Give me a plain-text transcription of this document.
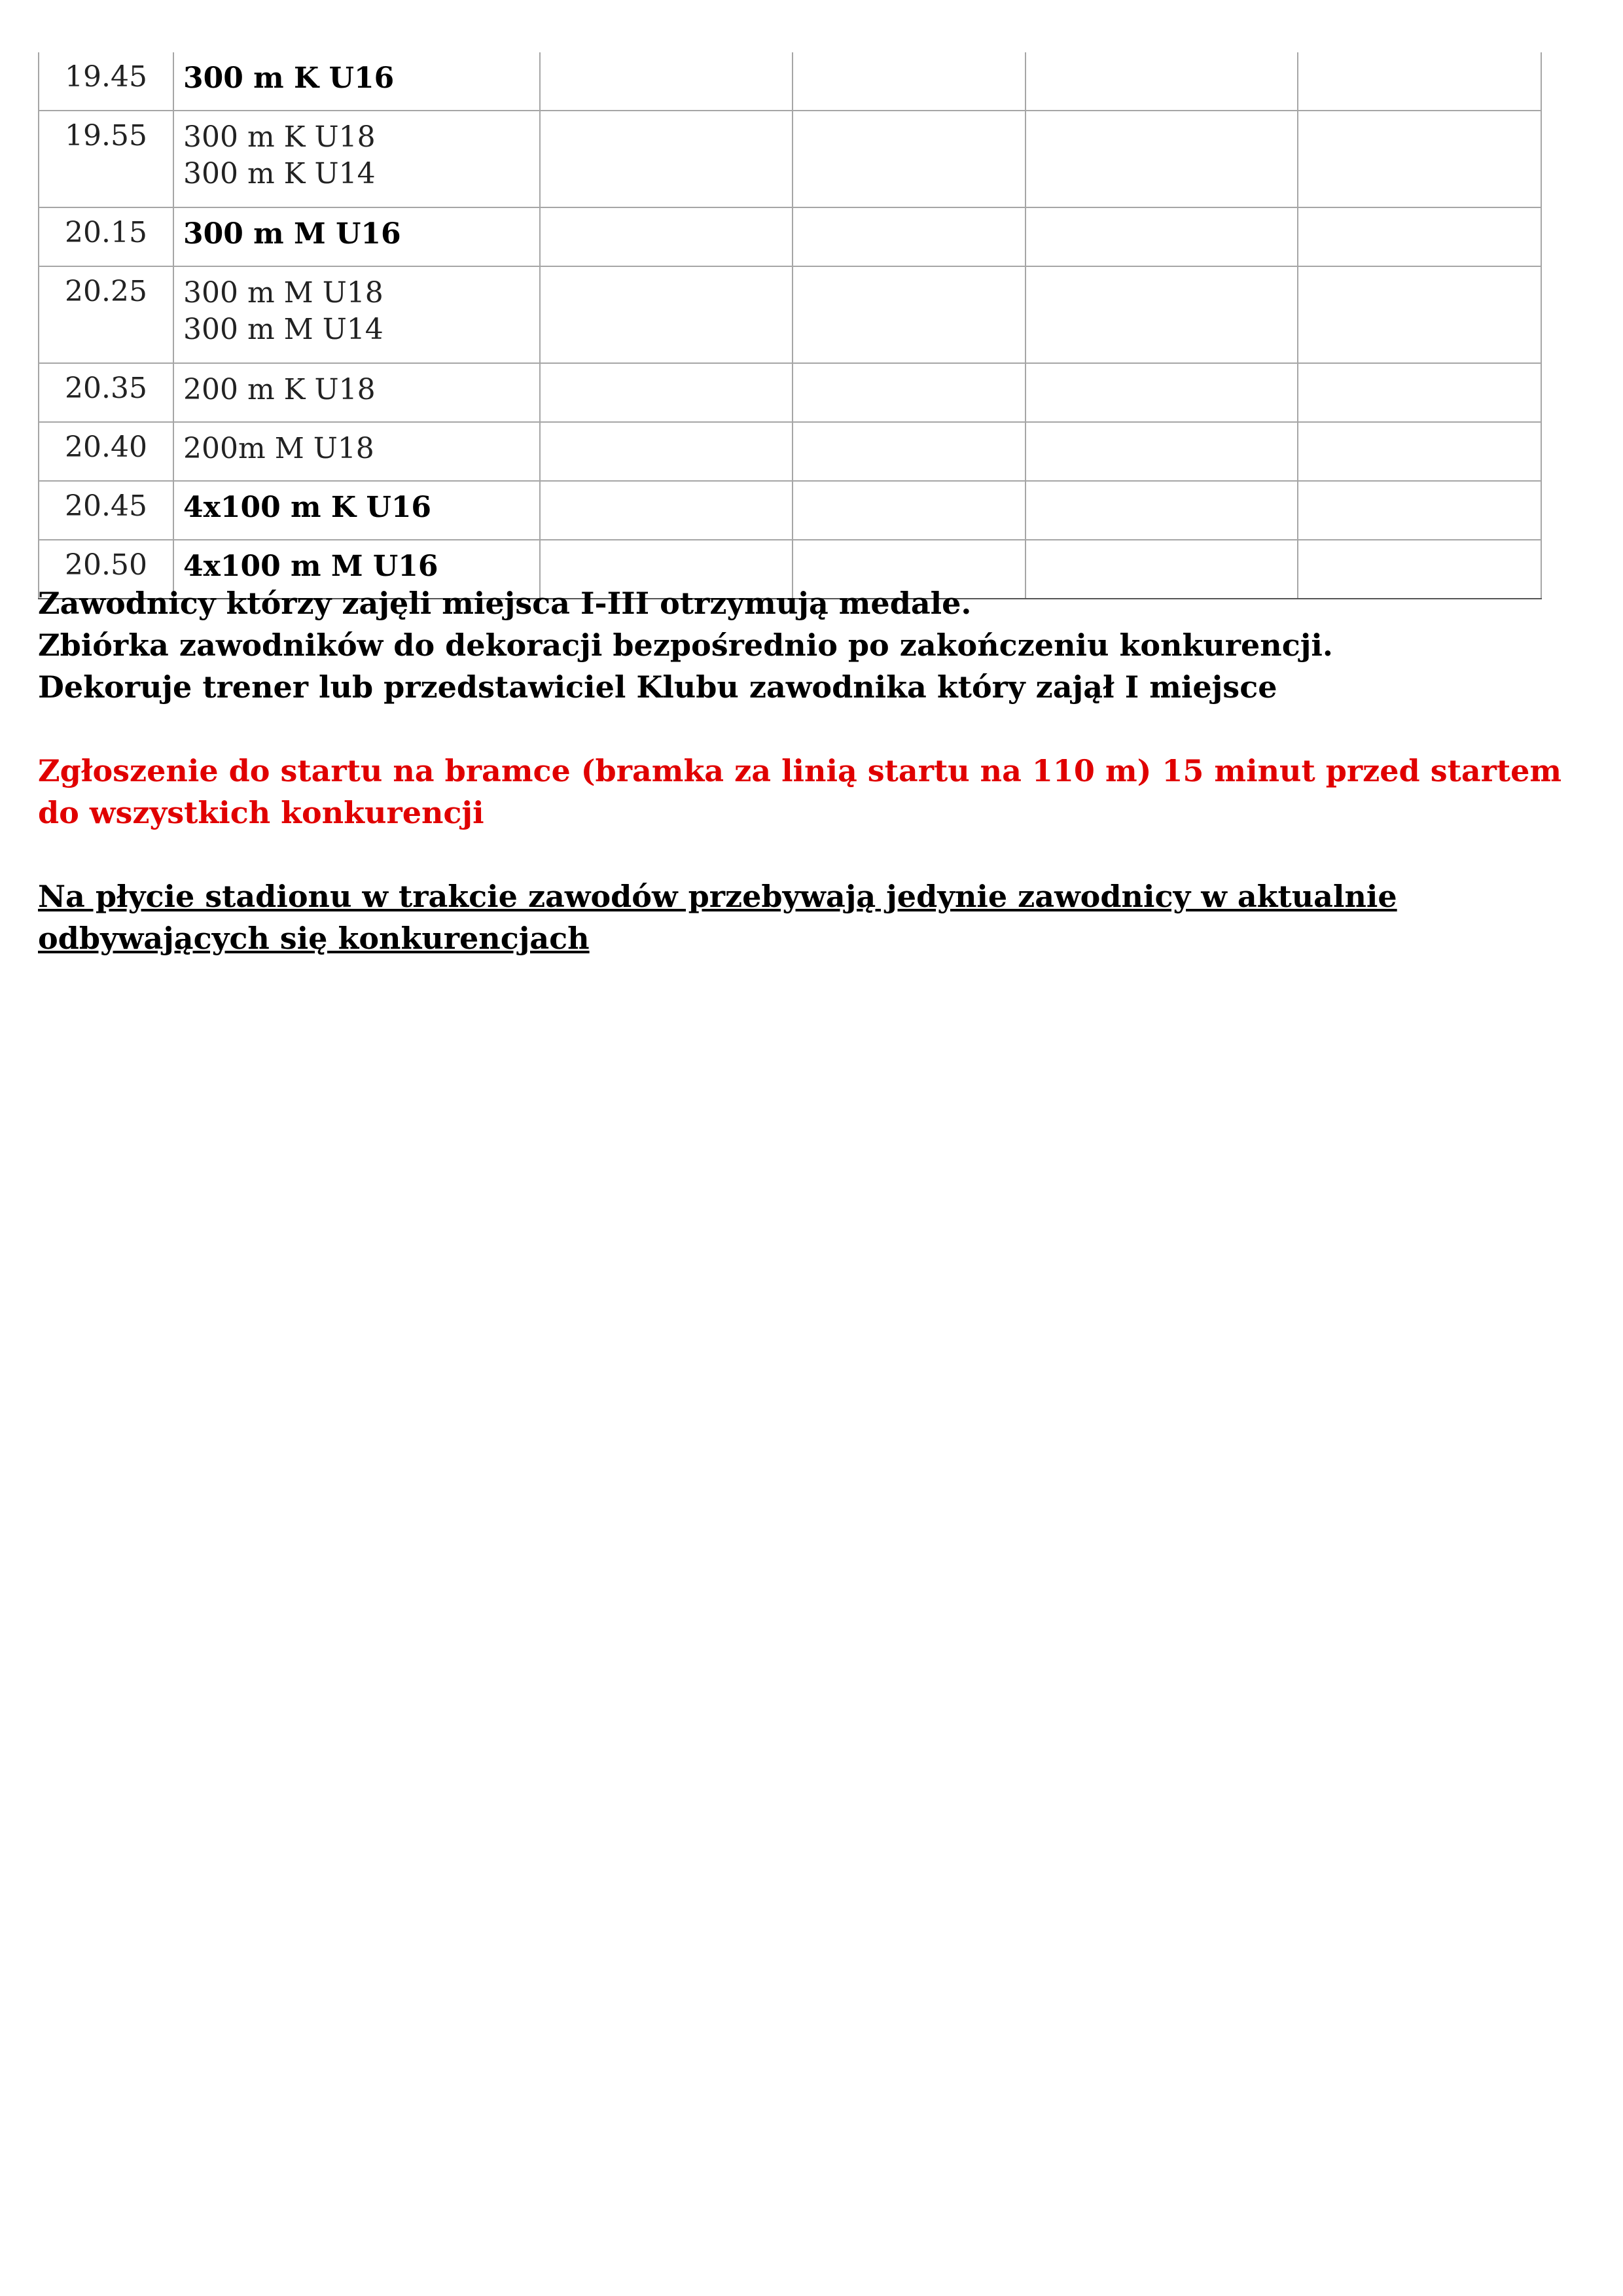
19.45	300 m K U16				

19.55	300 m K U18
300 m K U14				

20.15	300 m M U16				

20.25	300 m M U18
300 m M U14				

20.35	200 m K U18				

20.40	200m M U18				

20.45	4x100 m K U16				

20.50	4x100 m M U16				

Zawodnicy którzy zajęli miejsca I-III otrzymują medale.

Zbiórka zawodników do dekoracji bezpośrednio po zakończeniu konkurencji.

Dekoruje trener lub przedstawiciel Klubu zawodnika który zajął I miejsce

Zgłoszenie do startu na bramce (bramka za linią startu na 110 m) 15 minut przed startem do wszystkich konkurencji

Na płycie stadionu w trakcie zawodów przebywają jedynie zawodnicy w aktualnie odbywających się konkurencjach
